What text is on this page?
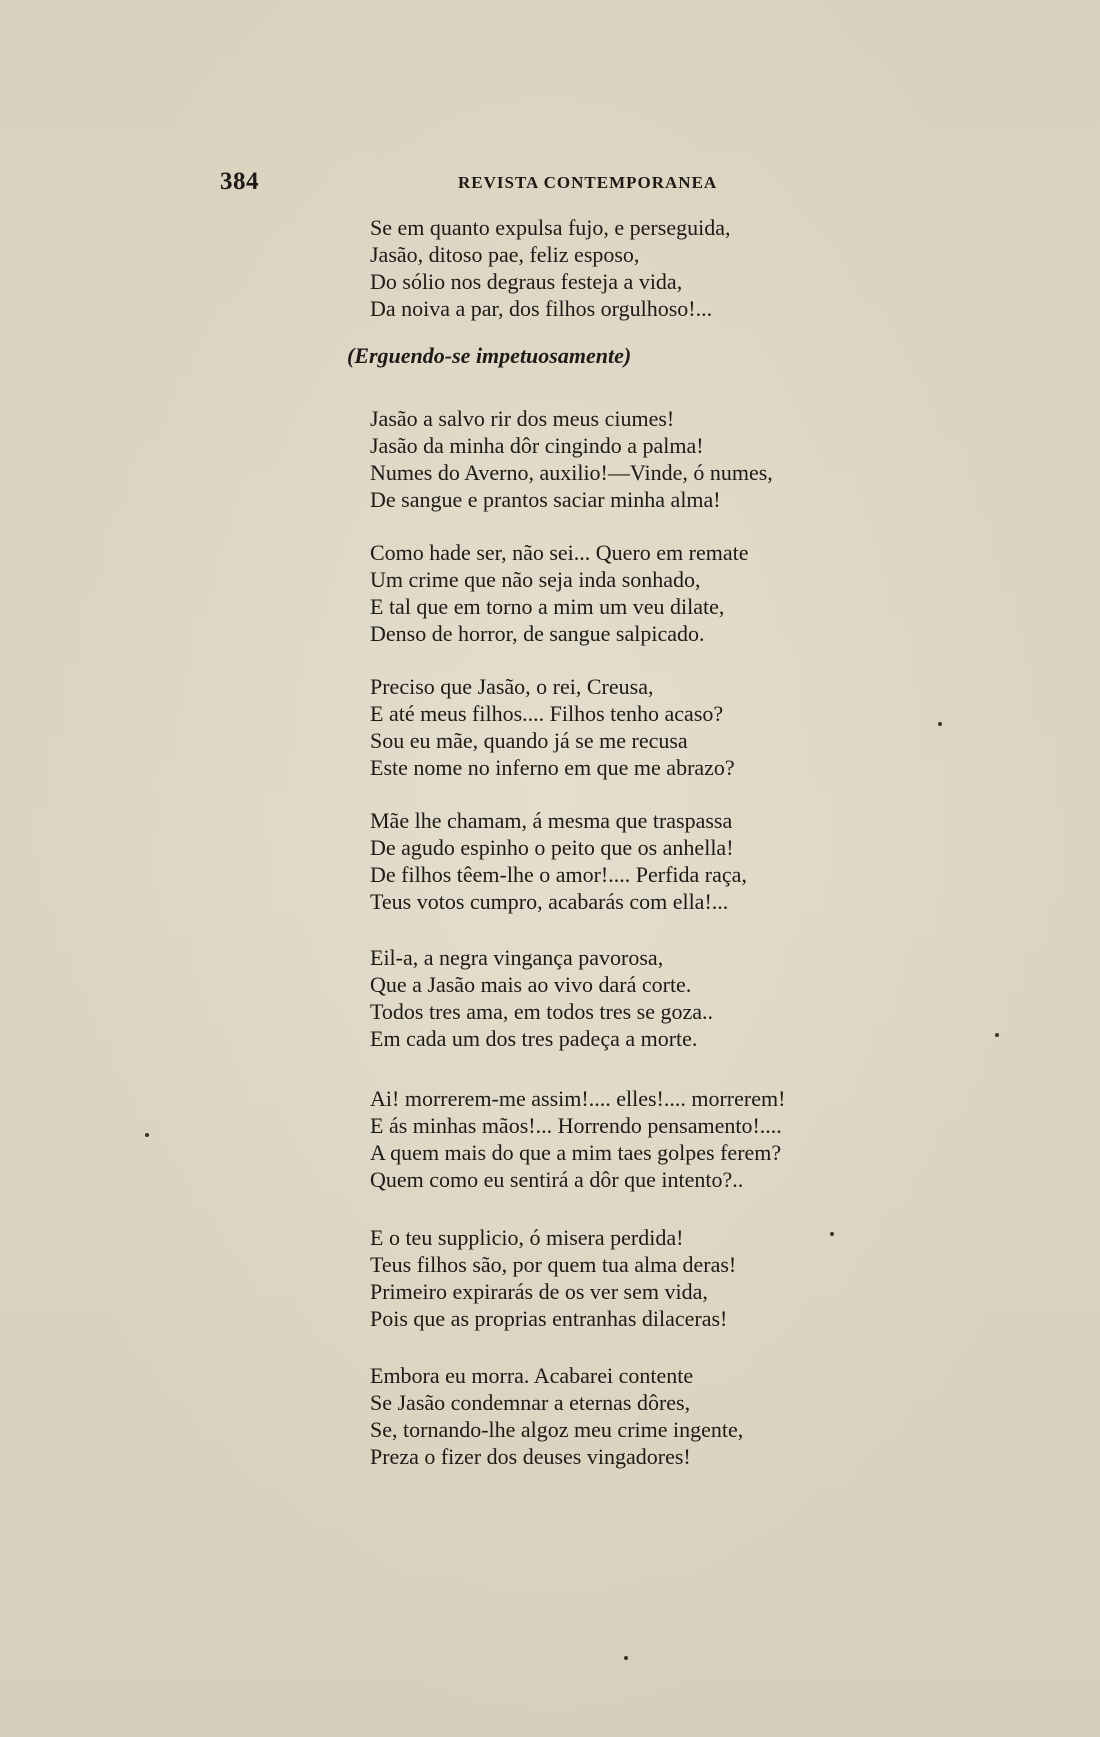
384	REVISTA CONTEMPORANEA
Se em quanto expulsa fujo, e perseguida,
Jasão, ditoso pae, feliz esposo,
Do sólio nos degraus festeja a vida,
Da noiva a par, dos filhos orgulhoso!...
Jasão a salvo rir dos meus ciumes!
Jasão da minha dôr cingindo a palma!
Numes do Averno, auxilio!—Vinde, ó numes,
De sangue e prantos saciar minha alma!
Como hade ser, não sei... Quero em remate
Um crime que não seja inda sonhado,
E tal que em torno a mim um veu dilate,
Denso de horror, de sangue salpicado.
Preciso que Jasão, o rei, Creusa,
E até meus filhos.... Filhos tenho acaso?
Sou eu mãe, quando já se me recusa
Este nome no inferno em que me abrazo?
Mãe lhe chamam, á mesma que traspassa
De agudo espinho o peito que os anhella!
De filhos têem-lhe o amor!.... Perfida raça,
Teus votos cumpro, acabarás com ella!...
Eil-a, a negra vingança pavorosa,
Que a Jasão mais ao vivo dará corte.
Todos tres ama, em todos tres se goza..
Em cada um dos tres padeça a morte.
Ai! morrerem-me assim!.... elles!.... morrerem!
E ás minhas mãos!... Horrendo pensamento!....
A quem mais do que a mim taes golpes ferem?
Quem como eu sentirá a dôr que intento?..
E o teu supplicio, ó misera perdida!
Teus filhos são, por quem tua alma deras!
Primeiro expirarás de os ver sem vida,
Pois que as proprias entranhas dilaceras!
Embora eu morra. Acabarei contente
Se Jasão condemnar a eternas dôres,
Se, tornando-lhe algoz meu crime ingente,
Preza o fizer dos deuses vingadores!
(Erguendo-se impetuosamente)
